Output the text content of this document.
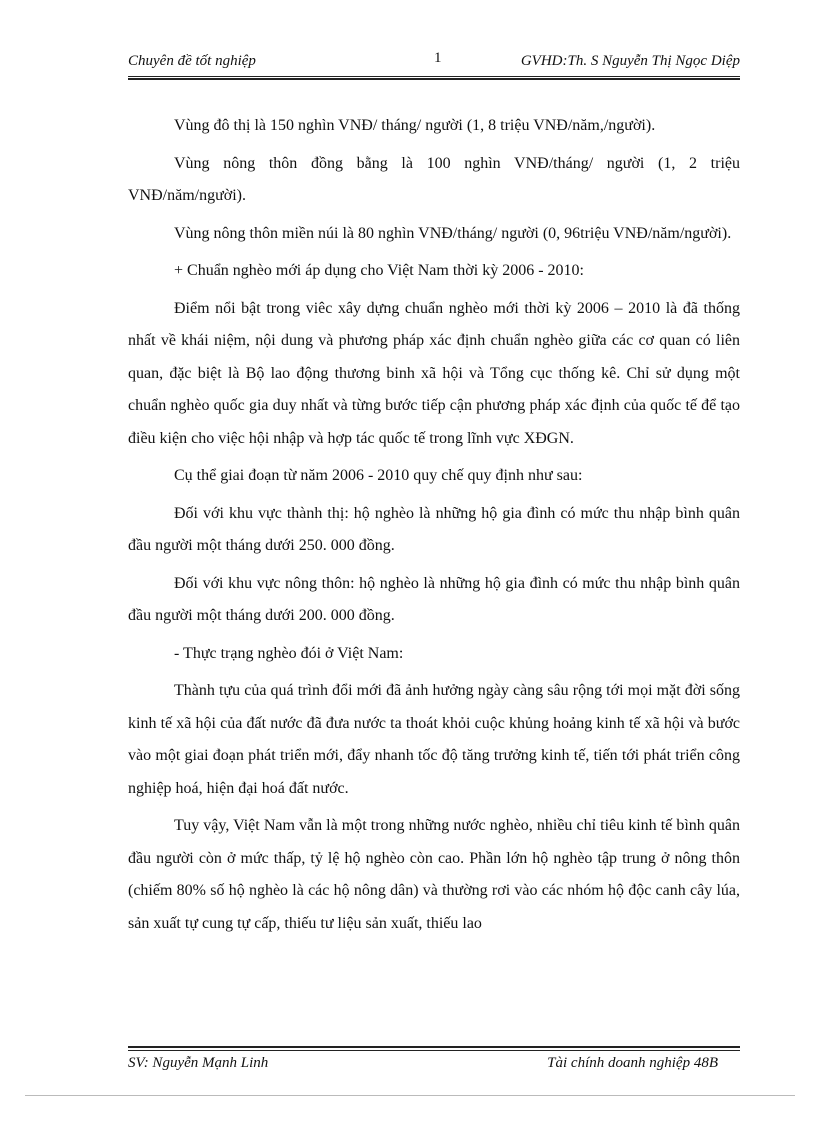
Chuyên đề tốt nghiệp	1	GVHD:Th. S Nguyễn Thị Ngọc Diệp

Vùng đô thị là 150 nghìn VNĐ/ tháng/ người (1, 8 triệu VNĐ/năm,/người).

Vùng nông thôn đồng bằng là 100 nghìn VNĐ/tháng/ người (1, 2 triệu VNĐ/năm/người).

Vùng nông thôn miền núi là 80 nghìn VNĐ/tháng/ người (0, 96triệu VNĐ/năm/người).

+ Chuẩn nghèo mới áp dụng cho Việt Nam thời kỳ 2006 - 2010:

Điểm nổi bật trong viêc xây dựng chuẩn nghèo mới thời kỳ 2006 – 2010 là đã thống nhất về khái niệm, nội dung và phương pháp xác định chuẩn nghèo giữa các cơ quan có liên quan, đặc biệt là Bộ lao động thương binh xã hội và Tổng cục thống kê. Chỉ sử dụng một chuẩn nghèo quốc gia duy nhất và từng bước tiếp cận phương pháp xác định của quốc tế để tạo điều kiện cho việc hội nhập và hợp tác quốc tế trong lĩnh vực XĐGN.

Cụ thể giai đoạn từ năm 2006 - 2010 quy chế quy định như sau:

Đối với khu vực thành thị: hộ nghèo là những hộ gia đình có mức thu nhập bình quân đầu người một tháng dưới 250. 000 đồng.

Đối với khu vực nông thôn: hộ nghèo là những hộ gia đình có mức thu nhập bình quân đầu người một tháng dưới 200. 000 đồng.

- Thực trạng nghèo đói ở Việt Nam:

Thành tựu của quá trình đổi mới đã ảnh hưởng ngày càng sâu rộng tới mọi mặt đời sống kinh tế xã hội của đất nước đã đưa nước ta thoát khỏi cuộc khủng hoảng kinh tế xã hội và bước vào một giai đoạn phát triển mới, đẩy nhanh tốc độ tăng trưởng kinh tế, tiến tới phát triển công nghiệp hoá, hiện đại hoá đất nước.

Tuy vậy, Việt Nam vẫn là một trong những nước nghèo, nhiều chỉ tiêu kinh tế bình quân đầu người còn ở mức thấp, tỷ lệ hộ nghèo còn cao. Phần lớn hộ nghèo tập trung ở nông thôn (chiếm 80% số hộ nghèo là các hộ nông dân) và thường rơi vào các nhóm hộ độc canh cây lúa, sản xuất tự cung tự cấp, thiếu tư liệu sản xuất, thiếu lao

SV: Nguyễn Mạnh Linh	Tài chính doanh nghiệp 48B
